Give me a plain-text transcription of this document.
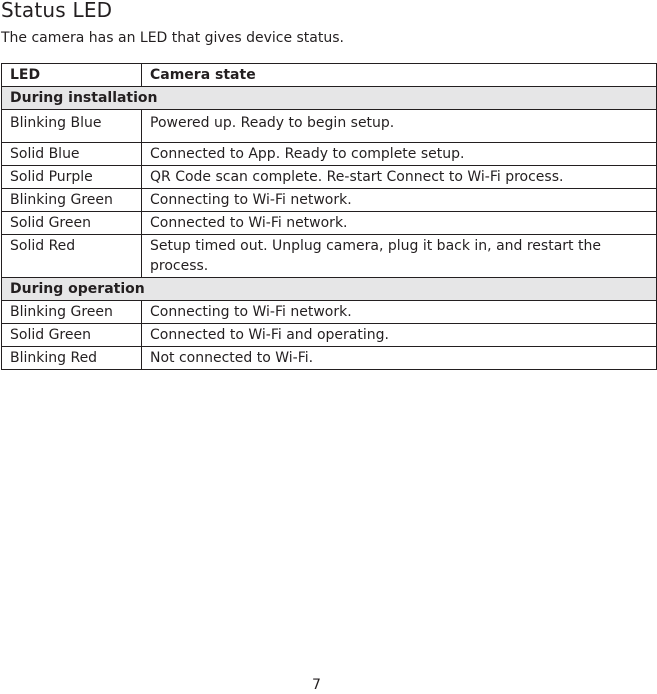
Status LED
The camera has an LED that gives device status.
LED	Camera state
During installation	
Blinking Blue	Powered up. Ready to begin setup.
Solid Blue	Connected to App. Ready to complete setup.
Solid Purple	QR Code scan complete. Re-start Connect to Wi-Fi process.
Blinking Green	Connecting to Wi-Fi network.
Solid Green	Connected to Wi-Fi network.
Solid Red	Setup timed out. Unplug camera, plug it back in, and restart the process.
During operation	
Blinking Green	Connecting to Wi-Fi network.
Solid Green	Connected to Wi-Fi and operating.
Blinking Red	Not connected to Wi-Fi.
7
